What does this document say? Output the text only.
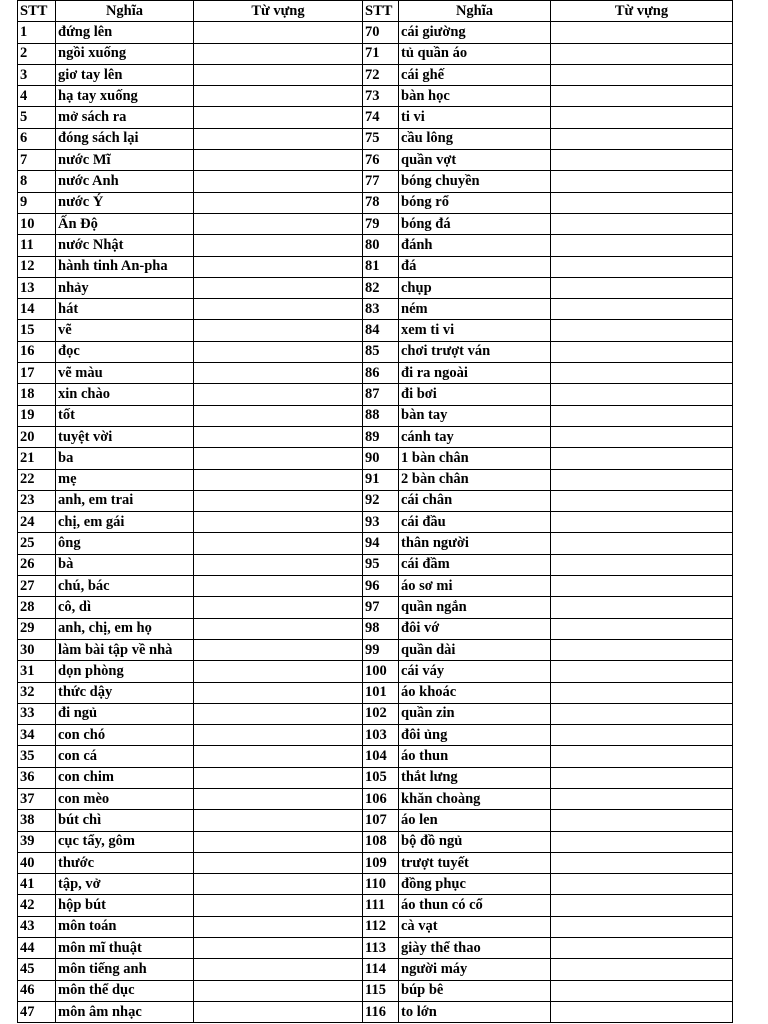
STT	Nghĩa	Từ vựng	STT	Nghĩa	Từ vựng
1	đứng lên		70	cái giường	
2	ngồi xuống		71	tủ quần áo	
3	giơ tay lên		72	cái ghế	
4	hạ tay xuống		73	bàn học	
5	mở sách ra		74	ti vi	
6	đóng sách lại		75	cầu lông	
7	nước Mĩ		76	quần vợt	
8	nước Anh		77	bóng chuyền	
9	nước Ý		78	bóng rổ	
10	Ấn Độ		79	bóng đá	
11	nước Nhật		80	đánh	
12	hành tinh An-pha		81	đá	
13	nhảy		82	chụp	
14	hát		83	ném	
15	vẽ		84	xem ti vi	
16	đọc		85	chơi trượt ván	
17	vẽ màu		86	đi ra ngoài	
18	xin chào		87	đi bơi	
19	tốt		88	bàn tay	
20	tuyệt vời		89	cánh tay	
21	ba		90	1 bàn chân	
22	mẹ		91	2 bàn chân	
23	anh, em trai		92	cái chân	
24	chị, em gái		93	cái đầu	
25	ông		94	thân người	
26	bà		95	cái đầm	
27	chú, bác		96	áo sơ mi	
28	cô, dì		97	quần ngắn	
29	anh, chị, em họ		98	đôi vớ	
30	làm bài tập về nhà		99	quần dài	
31	dọn phòng		100	cái váy	
32	thức dậy		101	áo khoác	
33	đi ngủ		102	quần zin	
34	con chó		103	đôi ủng	
35	con cá		104	áo thun	
36	con chim		105	thắt lưng	
37	con mèo		106	khăn choàng	
38	bút chì		107	áo len	
39	cục tẩy, gôm		108	bộ đồ ngủ	
40	thước		109	trượt tuyết	
41	tập, vở		110	đồng phục	
42	hộp bút		111	áo thun có cổ	
43	môn toán		112	cà vạt	
44	môn mĩ thuật		113	giày thể thao	
45	môn tiếng anh		114	người máy	
46	môn thể dục		115	búp bê	
47	môn âm nhạc		116	to lớn	
